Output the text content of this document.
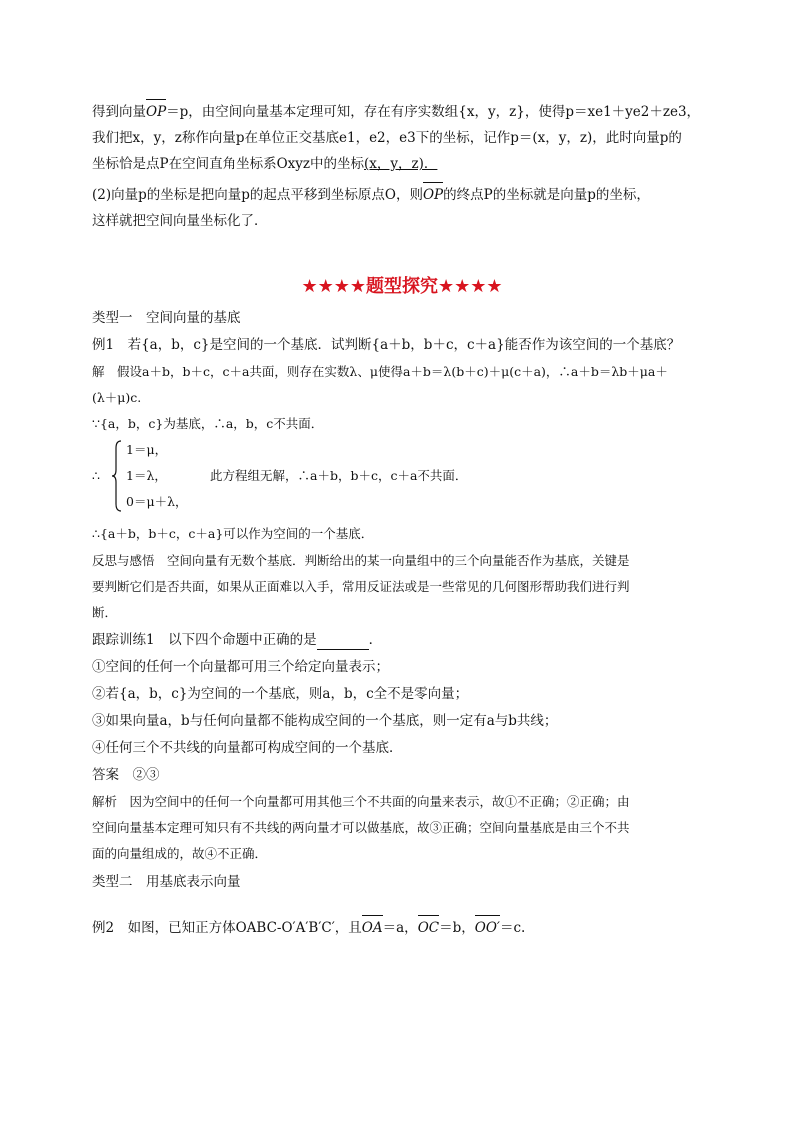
得到向量OP＝p，由空间向量基本定理可知，存在有序实数组{x，y，z}，使得p＝xe1＋ye2＋ze3，
我们把x，y，z称作向量p在单位正交基底e1，e2，e3下的坐标，记作p＝(x，y，z)，此时向量p的
坐标恰是点P在空间直角坐标系Oxyz中的坐标(x，y，z)．
(2)向量p的坐标是把向量p的起点平移到坐标原点O，则OP的终点P的坐标就是向量p的坐标，
这样就把空间向量坐标化了．
★★★★题型探究★★★★
类型一　空间向量的基底
例1　若{a，b，c}是空间的一个基底．试判断{a＋b，b＋c，c＋a}能否作为该空间的一个基底？
解　假设a＋b，b＋c，c＋a共面，则存在实数λ、μ使得a＋b＝λ(b＋c)＋μ(c＋a)，∴a＋b＝λb＋μa＋
(λ＋μ)c.
∵{a，b，c}为基底，∴a，b，c不共面．
∴
1＝μ，
1＝λ，
0＝μ＋λ，
此方程组无解，∴a＋b，b＋c，c＋a不共面．
∴{a＋b，b＋c，c＋a}可以作为空间的一个基底．
反思与感悟　空间向量有无数个基底．判断给出的某一向量组中的三个向量能否作为基底，关键是
要判断它们是否共面，如果从正面难以入手，常用反证法或是一些常见的几何图形帮助我们进行判
断．
跟踪训练1　以下四个命题中正确的是	．
①空间的任何一个向量都可用三个给定向量表示；
②若{a，b，c}为空间的一个基底，则a，b，c全不是零向量；
③如果向量a，b与任何向量都不能构成空间的一个基底，则一定有a与b共线；
④任何三个不共线的向量都可构成空间的一个基底．
答案　②③
解析　因为空间中的任何一个向量都可用其他三个不共面的向量来表示，故①不正确；②正确；由
空间向量基本定理可知只有不共线的两向量才可以做基底，故③正确；空间向量基底是由三个不共
面的向量组成的，故④不正确．
类型二　用基底表示向量
例2　如图，已知正方体OABC-O′A′B′C′，且OA＝a，OC＝b，OO′＝c.
